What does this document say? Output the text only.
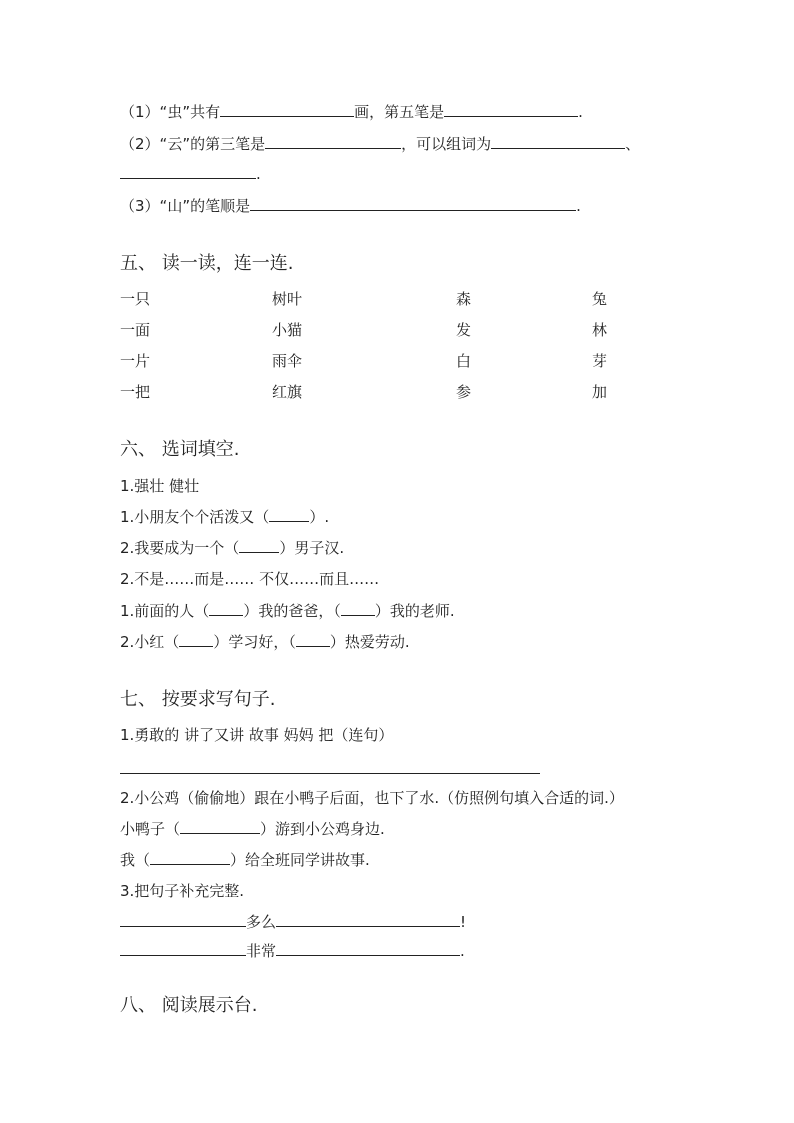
（1）“虫”共有	画，第五笔是	.
（2）“云”的第三笔是	，可以组词为	、
.
（3）“山”的笔顺是	.
五、 读一读，连一连.
一只	树叶	森	兔
一面	小猫	发	林
一片	雨伞	白	芽
一把	红旗	参	加
六、 选词填空.
1.强壮 健壮
1.小朋友个个活泼又（	）.
2.我要成为一个（	）男子汉.
2.不是……而是…… 不仅……而且……
1.前面的人（ ）我的爸爸，（ ）我的老师.
2.小红（ ）学习好，（ ）热爱劳动.
七、 按要求写句子.
1.勇敢的 讲了又讲 故事 妈妈 把（连句）
2.小公鸡（偷偷地）跟在小鸭子后面，也下了水.（仿照例句填入合适的词.）
小鸭子（	）游到小公鸡身边.
我（	）给全班同学讲故事.
3.把句子补充完整.
多么	!
非常	.
八、 阅读展示台.
